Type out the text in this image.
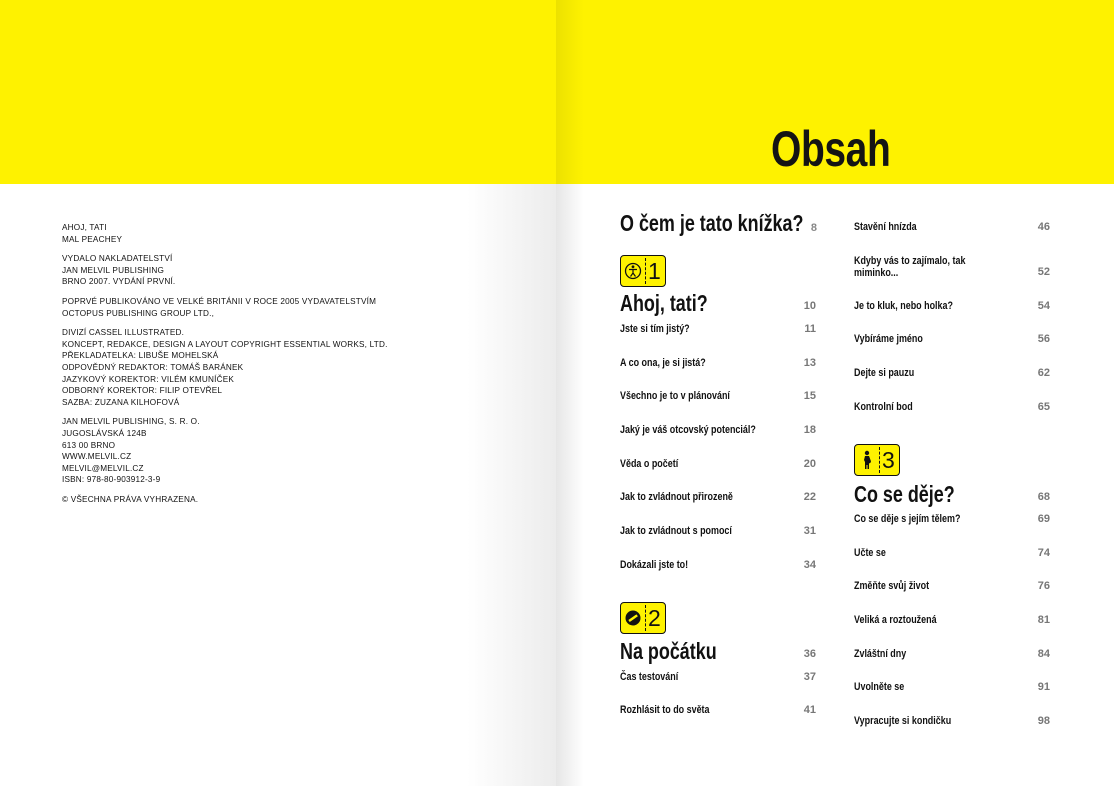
AHOJ, TATI
MAL PEACHEY
VYDALO NAKLADATELSTVÍ
JAN MELVIL PUBLISHING
BRNO 2007. VYDÁNÍ PRVNÍ.
POPRVÉ PUBLIKOVÁNO VE VELKÉ BRITÁNII V ROCE 2005 VYDAVATELSTVÍM
OCTOPUS PUBLISHING GROUP LTD.,
DIVIZÍ CASSEL ILLUSTRATED.
KONCEPT, REDAKCE, DESIGN A LAYOUT COPYRIGHT ESSENTIAL WORKS, LTD.
PŘEKLADATELKA: LIBUŠE MOHELSKÁ
ODPOVĚDNÝ REDAKTOR: TOMÁŠ BARÁNEK
JAZYKOVÝ KOREKTOR: VILÉM KMUNÍČEK
ODBORNÝ KOREKTOR: FILIP OTEVŘEL
SAZBA: ZUZANA KILHOFOVÁ
JAN MELVIL PUBLISHING, S. R. O.
JUGOSLÁVSKÁ 124B
613 00 BRNO
WWW.MELVIL.CZ
MELVIL@MELVIL.CZ
ISBN: 978-80-903912-3-9
© VŠECHNA PRÁVA VYHRAZENA.
Obsah
O čem je tato knížka? 8
1
Ahoj, tati?	10
Jste si tím jistý?	11
A co ona, je si jistá?	13
Všechno je to v plánování	15
Jaký je váš otcovský potenciál?	18
Věda o početí	20
Jak to zvládnout přirozeně	22
Jak to zvládnout s pomocí	31
Dokázali jste to!	34
2
Na počátku	36
Čas testování	37
Rozhlásit to do světa	41
Stavění hnízda	46
Kdyby vás to zajímalo, tak miminko...	52
Je to kluk, nebo holka?	54
Vybíráme jméno	56
Dejte si pauzu	62
Kontrolní bod	65
3
Co se děje?	68
Co se děje s jejím tělem?	69
Učte se	74
Změňte svůj život	76
Veliká a roztoužená	81
Zvláštní dny	84
Uvolněte se	91
Vypracujte si kondičku	98
